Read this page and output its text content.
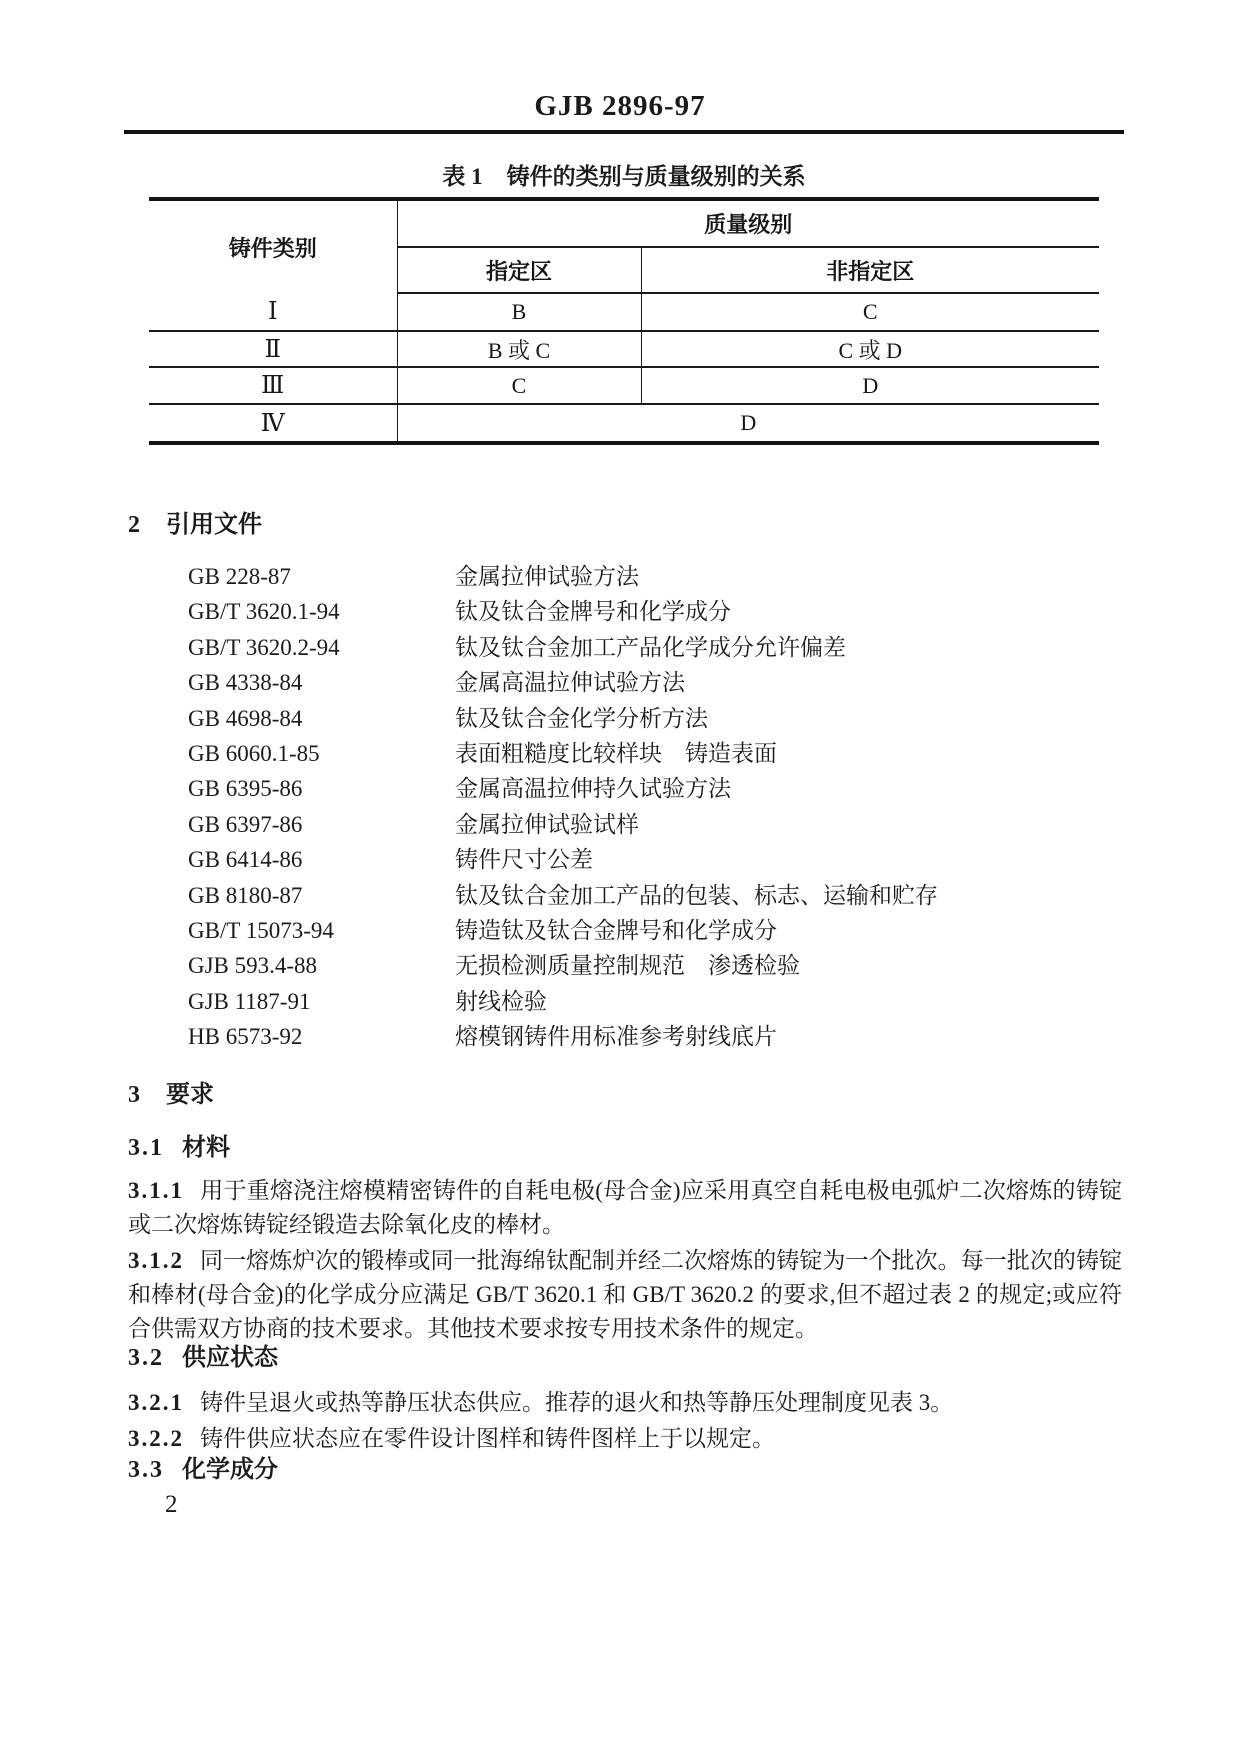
GJB 2896-97
表 1 铸件的类别与质量级别的关系
铸件类别	质量级别	
	指定区	非指定区
Ⅰ	B	C
Ⅱ	B 或 C	C 或 D
Ⅲ	C	D
Ⅳ	D	
2 引用文件
GB 228-87	金属拉伸试验方法
GB/T 3620.1-94	钛及钛合金牌号和化学成分
GB/T 3620.2-94	钛及钛合金加工产品化学成分允许偏差
GB 4338-84	金属高温拉伸试验方法
GB 4698-84	钛及钛合金化学分析方法
GB 6060.1-85	表面粗糙度比较样块　铸造表面
GB 6395-86	金属高温拉伸持久试验方法
GB 6397-86	金属拉伸试验试样
GB 6414-86	铸件尺寸公差
GB 8180-87	钛及钛合金加工产品的包装、标志、运输和贮存
GB/T 15073-94	铸造钛及钛合金牌号和化学成分
GJB 593.4-88	无损检测质量控制规范　渗透检验
GJB 1187-91	射线检验
HB 6573-92	熔模钢铸件用标准参考射线底片
3 要求
3.1 材料

3.1.1 用于重熔浇注熔模精密铸件的自耗电极(母合金)应采用真空自耗电极电弧炉二次熔炼的铸锭或二次熔炼铸锭经锻造去除氧化皮的棒材。

3.1.2 同一熔炼炉次的锻棒或同一批海绵钛配制并经二次熔炼的铸锭为一个批次。每一批次的铸锭和棒材(母合金)的化学成分应满足 GB/T 3620.1 和 GB/T 3620.2 的要求,但不超过表 2 的规定;或应符合供需双方协商的技术要求。其他技术要求按专用技术条件的规定。

3.2 供应状态

3.2.1 铸件呈退火或热等静压状态供应。推荐的退火和热等静压处理制度见表 3。

3.2.2 铸件供应状态应在零件设计图样和铸件图样上于以规定。

3.3 化学成分
2
